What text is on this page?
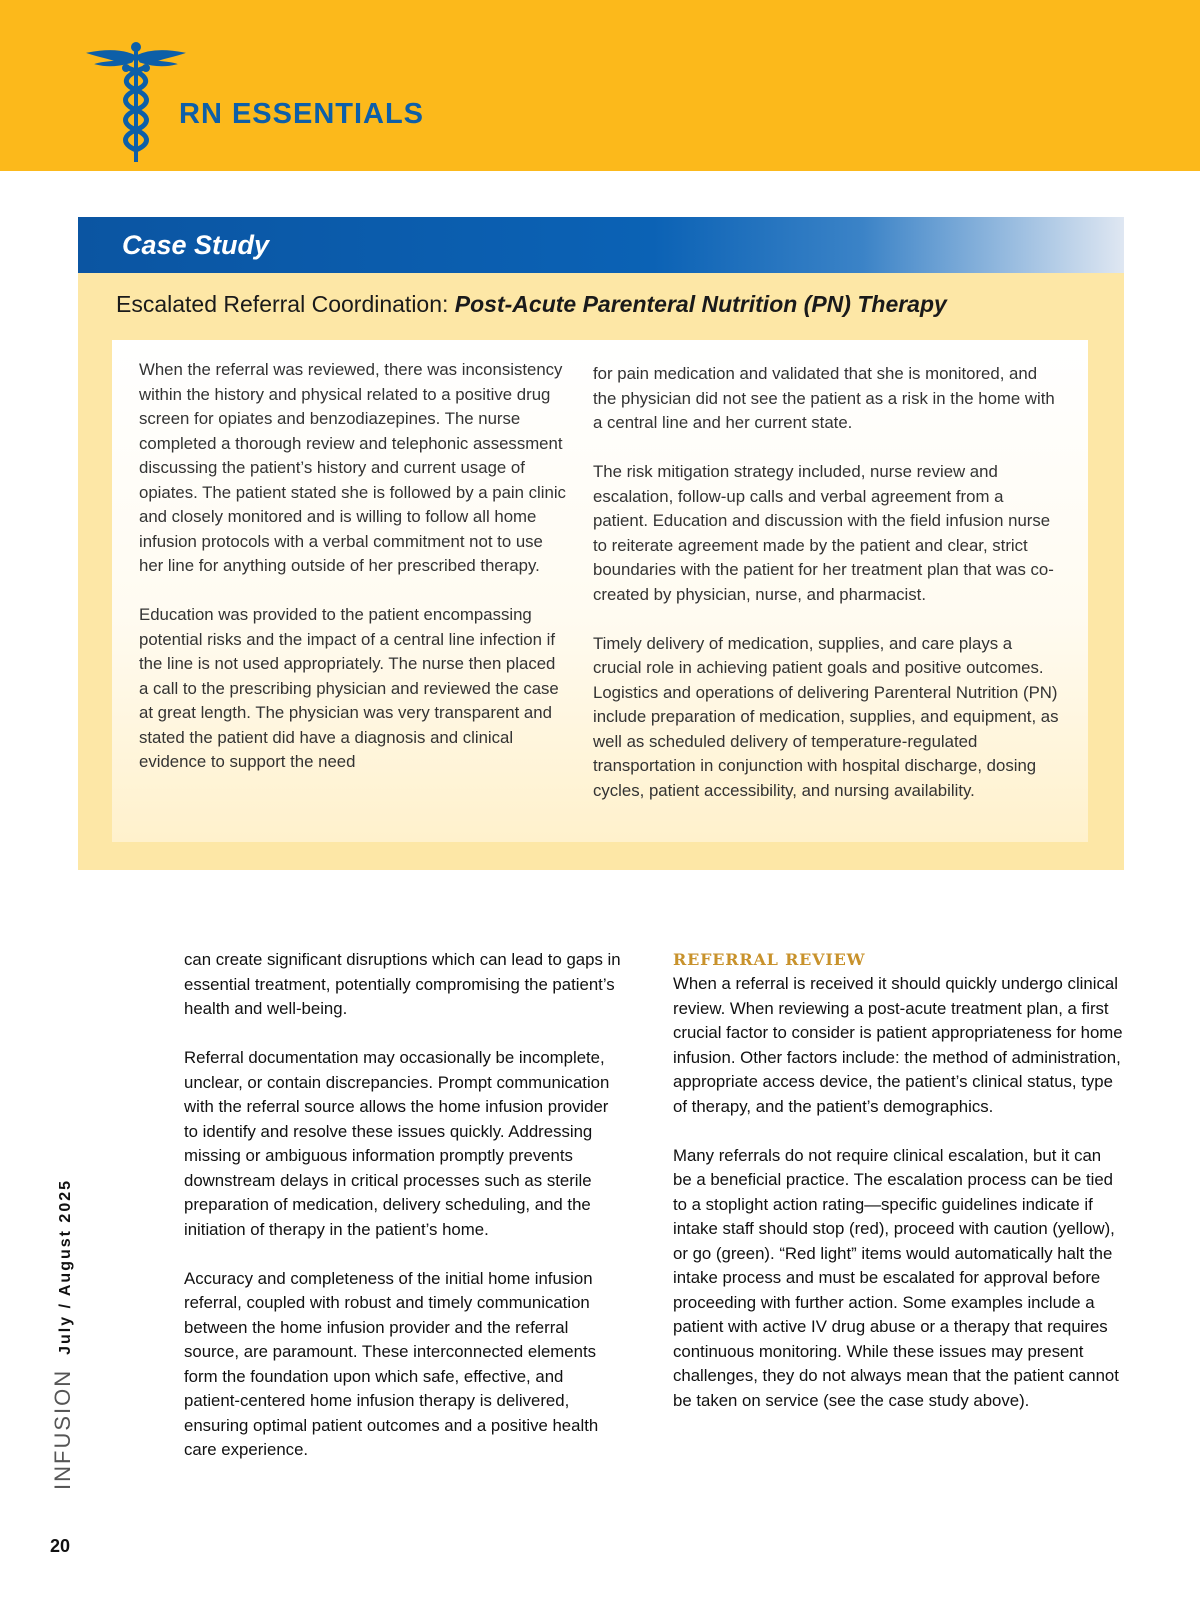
RN ESSENTIALS
Case Study
Escalated Referral Coordination: Post-Acute Parenteral Nutrition (PN) Therapy

When the referral was reviewed, there was inconsistency within the history and physical related to a positive drug screen for opiates and benzodiazepines. The nurse completed a thorough review and telephonic assessment discussing the patient’s history and current usage of opiates. The patient stated she is followed by a pain clinic and closely monitored and is willing to follow all home infusion protocols with a verbal commitment not to use her line for anything outside of her prescribed therapy.

Education was provided to the patient encompassing potential risks and the impact of a central line infection if the line is not used appropriately. The nurse then placed a call to the prescribing physician and reviewed the case at great length. The physician was very transparent and stated the patient did have a diagnosis and clinical evidence to support the need

for pain medication and validated that she is monitored, and the physician did not see the patient as a risk in the home with a central line and her current state.

The risk mitigation strategy included, nurse review and escalation, follow-up calls and verbal agreement from a patient. Education and discussion with the field infusion nurse to reiterate agreement made by the patient and clear, strict boundaries with the patient for her treatment plan that was co-created by physician, nurse, and pharmacist.

Timely delivery of medication, supplies, and care plays a crucial role in achieving patient goals and positive outcomes. Logistics and operations of delivering Parenteral Nutrition (PN) include preparation of medication, supplies, and equipment, as well as scheduled delivery of temperature-regulated transportation in conjunction with hospital discharge, dosing cycles, patient accessibility, and nursing availability.

can create significant disruptions which can lead to gaps in essential treatment, potentially compromising the patient’s health and well-being.

Referral documentation may occasionally be incomplete, unclear, or contain discrepancies. Prompt communication with the referral source allows the home infusion provider to identify and resolve these issues quickly. Addressing missing or ambiguous information promptly prevents downstream delays in critical processes such as sterile preparation of medication, delivery scheduling, and the initiation of therapy in the patient’s home.

Accuracy and completeness of the initial home infusion referral, coupled with robust and timely communication between the home infusion provider and the referral source, are paramount. These interconnected elements form the foundation upon which safe, effective, and patient-centered home infusion therapy is delivered, ensuring optimal patient outcomes and a positive health care experience.

REFERRAL REVIEW

When a referral is received it should quickly undergo clinical review. When reviewing a post-acute treatment plan, a first crucial factor to consider is patient appropriateness for home infusion. Other factors include: the method of administration, appropriate access device, the patient’s clinical status, type of therapy, and the patient’s demographics.

Many referrals do not require clinical escalation, but it can be a beneficial practice. The escalation process can be tied to a stoplight action rating—specific guidelines indicate if intake staff should stop (red), proceed with caution (yellow), or go (green). “Red light” items would automatically halt the intake process and must be escalated for approval before proceeding with further action. Some examples include a patient with active IV drug abuse or a therapy that requires continuous monitoring. While these issues may present challenges, they do not always mean that the patient cannot be taken on service (see the case study above).

INFUSION
July / August 2025
20
